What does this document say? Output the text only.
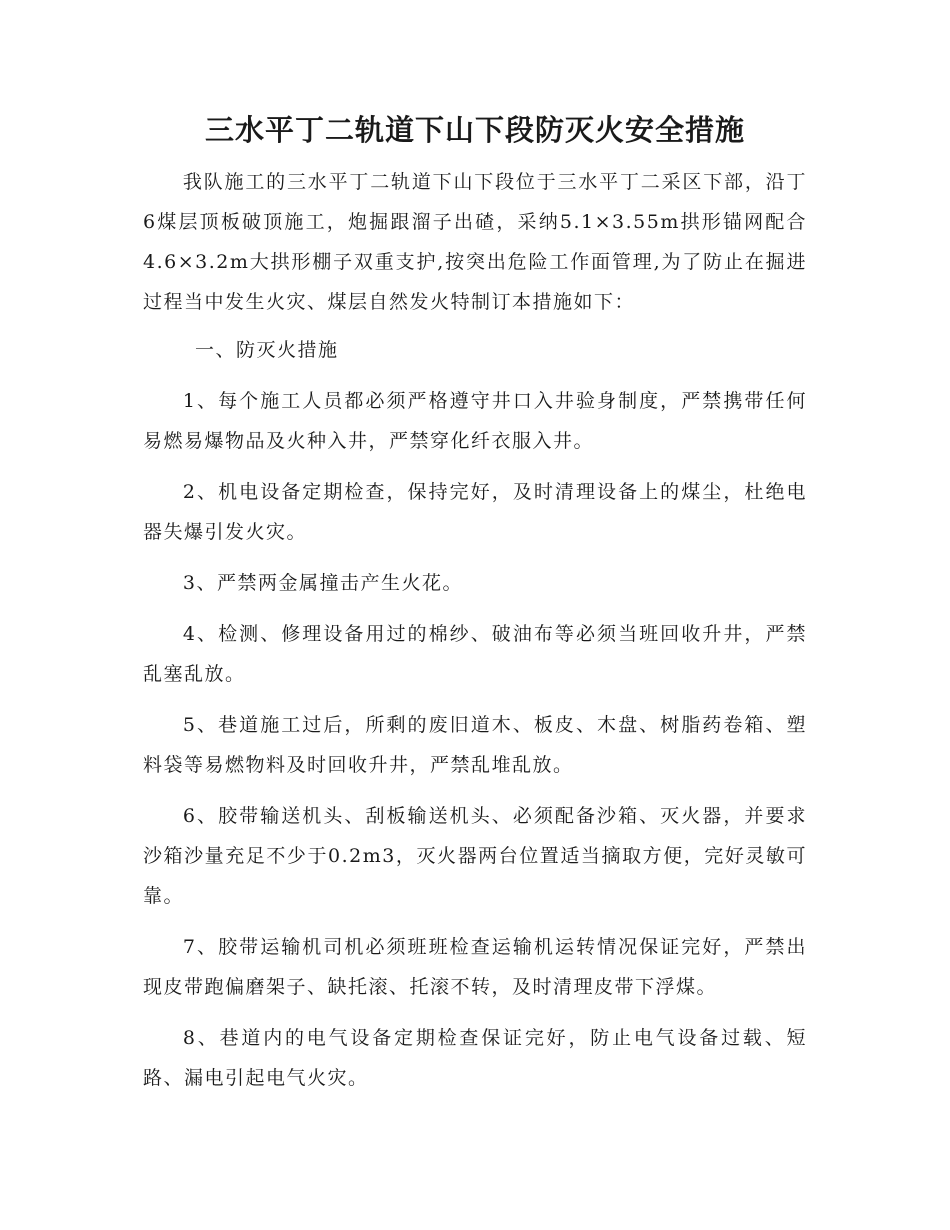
三水平丁二轨道下山下段防灭火安全措施

我队施工的三水平丁二轨道下山下段位于三水平丁二采区下部，沿丁6煤层顶板破顶施工，炮掘跟溜子出碴，采纳5.1×3.55m拱形锚网配合4.6×3.2m大拱形棚子双重支护,按突出危险工作面管理,为了防止在掘进过程当中发生火灾、煤层自然发火特制订本措施如下：

一、防灭火措施

1、每个施工人员都必须严格遵守井口入井验身制度，严禁携带任何易燃易爆物品及火种入井，严禁穿化纤衣服入井。

2、机电设备定期检查，保持完好，及时清理设备上的煤尘，杜绝电器失爆引发火灾。

3、严禁两金属撞击产生火花。

4、检测、修理设备用过的棉纱、破油布等必须当班回收升井，严禁乱塞乱放。

5、巷道施工过后，所剩的废旧道木、板皮、木盘、树脂药卷箱、塑料袋等易燃物料及时回收升井，严禁乱堆乱放。

6、胶带输送机头、刮板输送机头、必须配备沙箱、灭火器，并要求沙箱沙量充足不少于0.2m3，灭火器两台位置适当摘取方便，完好灵敏可靠。

7、胶带运输机司机必须班班检查运输机运转情况保证完好，严禁出现皮带跑偏磨架子、缺托滚、托滚不转，及时清理皮带下浮煤。

8、巷道内的电气设备定期检查保证完好，防止电气设备过载、短路、漏电引起电气火灾。
